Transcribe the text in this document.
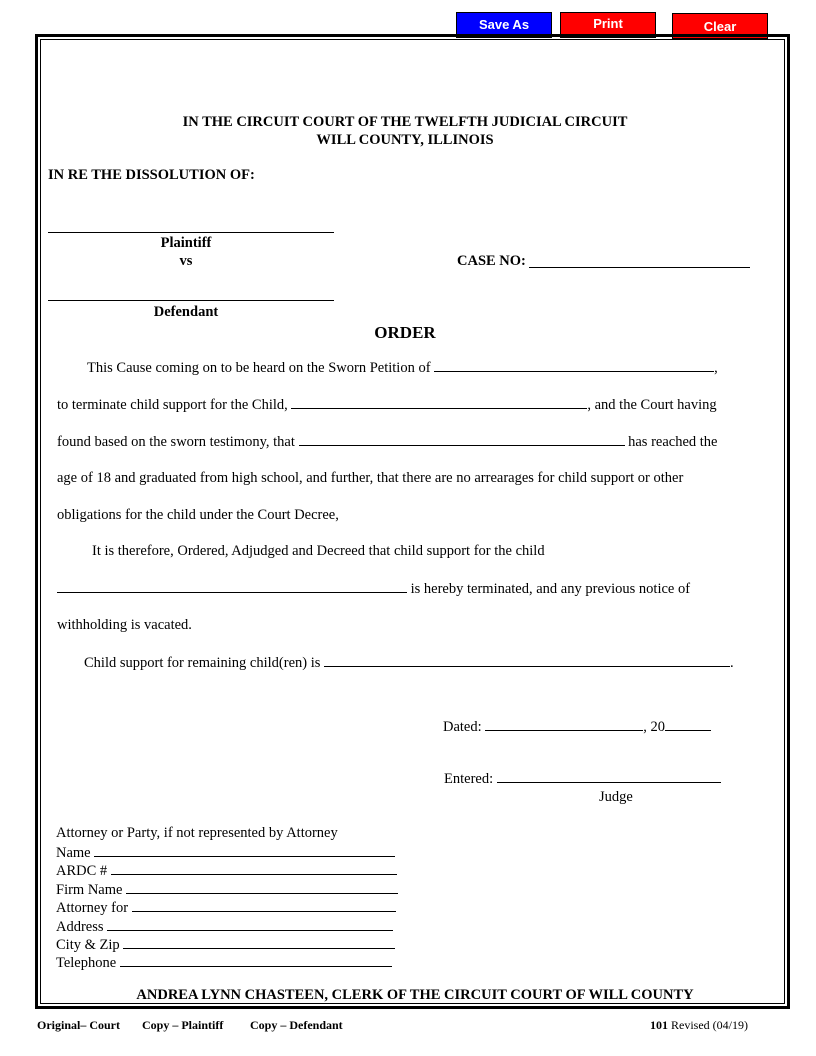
Save As	Print	Clear
IN THE CIRCUIT COURT OF THE TWELFTH JUDICIAL CIRCUIT
WILL COUNTY, ILLINOIS
IN RE THE DISSOLUTION OF:
Plaintiff
vs
Defendant
CASE NO:
ORDER
This Cause coming on to be heard on the Sworn Petition of	,
to terminate child support for the Child,	, and the Court having
found based on the sworn testimony, that	has reached the
age of 18 and graduated from high school, and further, that there are no arrearages for child support or other
obligations for the child under the Court Decree,
It is therefore, Ordered, Adjudged and Decreed that child support for the child
is hereby terminated, and any previous notice of
withholding is vacated.
Child support for remaining child(ren) is	.
Dated:	, 20
Entered:
Judge
Attorney or Party, if not represented by Attorney
Name
ARDC #
Firm Name
Attorney for
Address
City & Zip
Telephone
ANDREA LYNN CHASTEEN, CLERK OF THE CIRCUIT COURT OF WILL COUNTY
Original– Court Copy – Plaintiff Copy – Defendant	101 Revised (04/19)
